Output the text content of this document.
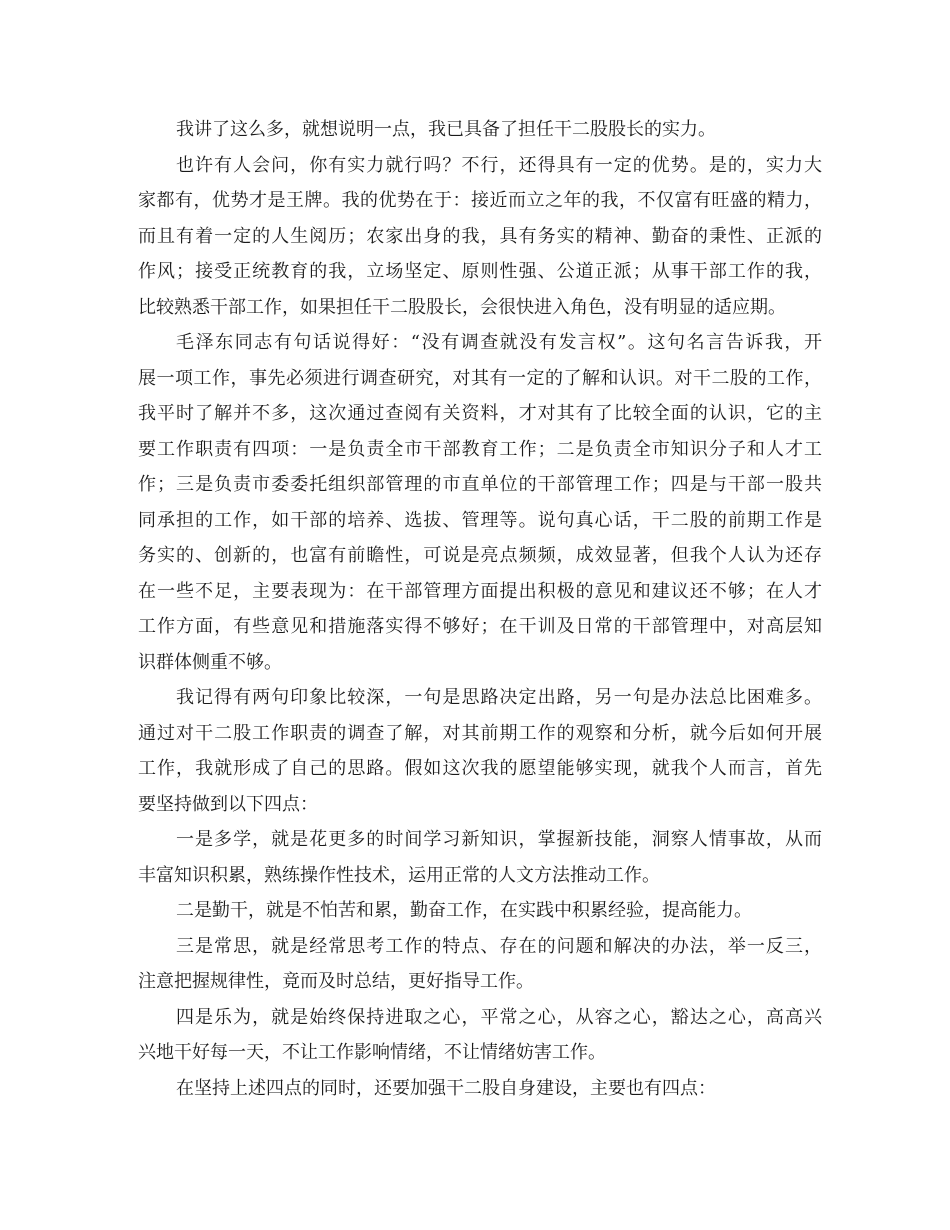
我讲了这么多，就想说明一点，我已具备了担任干二股股长的实力。
也许有人会问，你有实力就行吗？不行，还得具有一定的优势。是的，实力大
家都有，优势才是王牌。我的优势在于：接近而立之年的我，不仅富有旺盛的精力，
而且有着一定的人生阅历；农家出身的我，具有务实的精神、勤奋的秉性、正派的
作风；接受正统教育的我，立场坚定、原则性强、公道正派；从事干部工作的我，
比较熟悉干部工作，如果担任干二股股长，会很快进入角色，没有明显的适应期。
毛泽东同志有句话说得好：“没有调查就没有发言权”。这句名言告诉我，开
展一项工作，事先必须进行调查研究，对其有一定的了解和认识。对干二股的工作，
我平时了解并不多，这次通过查阅有关资料，才对其有了比较全面的认识，它的主
要工作职责有四项：一是负责全市干部教育工作；二是负责全市知识分子和人才工
作；三是负责市委委托组织部管理的市直单位的干部管理工作；四是与干部一股共
同承担的工作，如干部的培养、选拔、管理等。说句真心话，干二股的前期工作是
务实的、创新的，也富有前瞻性，可说是亮点频频，成效显著，但我个人认为还存
在一些不足，主要表现为：在干部管理方面提出积极的意见和建议还不够；在人才
工作方面，有些意见和措施落实得不够好；在干训及日常的干部管理中，对高层知
识群体侧重不够。
我记得有两句印象比较深，一句是思路决定出路，另一句是办法总比困难多。
通过对干二股工作职责的调查了解，对其前期工作的观察和分析，就今后如何开展
工作，我就形成了自己的思路。假如这次我的愿望能够实现，就我个人而言，首先
要坚持做到以下四点：
一是多学，就是花更多的时间学习新知识，掌握新技能，洞察人情事故，从而
丰富知识积累，熟练操作性技术，运用正常的人文方法推动工作。
二是勤干，就是不怕苦和累，勤奋工作，在实践中积累经验，提高能力。
三是常思，就是经常思考工作的特点、存在的问题和解决的办法，举一反三，
注意把握规律性，竟而及时总结，更好指导工作。
四是乐为，就是始终保持进取之心，平常之心，从容之心，豁达之心，高高兴
兴地干好每一天，不让工作影响情绪，不让情绪妨害工作。
在坚持上述四点的同时，还要加强干二股自身建设，主要也有四点：
